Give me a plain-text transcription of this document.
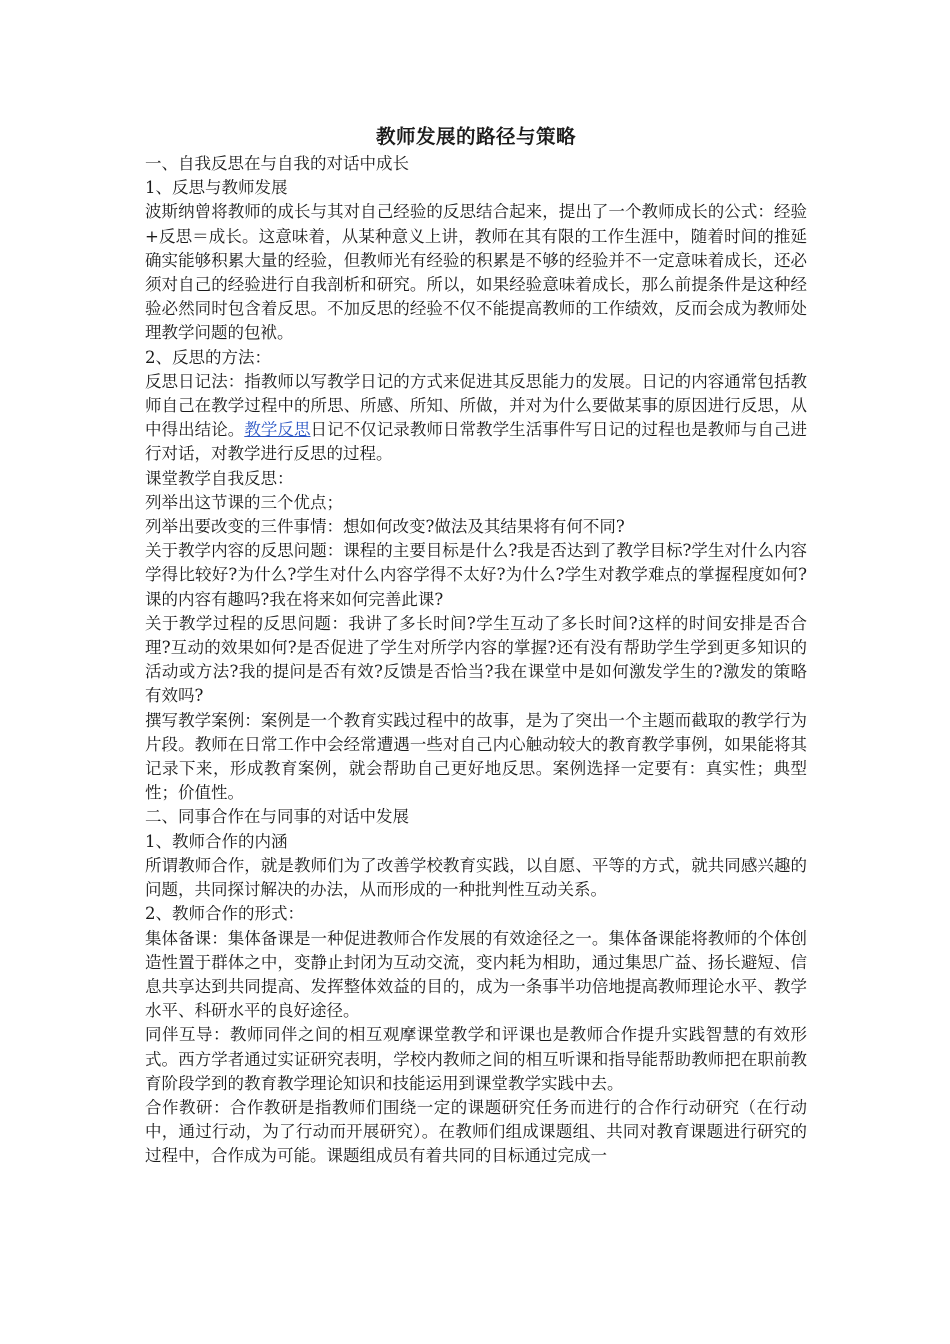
教师发展的路径与策略

一、自我反思在与自我的对话中成长

1、反思与教师发展

波斯纳曾将教师的成长与其对自己经验的反思结合起来，提出了一个教师成长的公式：经验+反思＝成长。这意味着，从某种意义上讲，教师在其有限的工作生涯中，随着时间的推延确实能够积累大量的经验，但教师光有经验的积累是不够的经验并不一定意味着成长，还必须对自己的经验进行自我剖析和研究。所以，如果经验意味着成长，那么前提条件是这种经验必然同时包含着反思。不加反思的经验不仅不能提高教师的工作绩效，反而会成为教师处理教学问题的包袱。

2、反思的方法：

反思日记法：指教师以写教学日记的方式来促进其反思能力的发展。日记的内容通常包括教师自己在教学过程中的所思、所感、所知、所做，并对为什么要做某事的原因进行反思，从中得出结论。教学反思日记不仅记录教师日常教学生活事件写日记的过程也是教师与自己进行对话，对教学进行反思的过程。

课堂教学自我反思：

列举出这节课的三个优点；

列举出要改变的三件事情：想如何改变?做法及其结果将有何不同?

关于教学内容的反思问题：课程的主要目标是什么?我是否达到了教学目标?学生对什么内容学得比较好?为什么?学生对什么内容学得不太好?为什么?学生对教学难点的掌握程度如何?课的内容有趣吗?我在将来如何完善此课?

关于教学过程的反思问题：我讲了多长时间?学生互动了多长时间?这样的时间安排是否合理?互动的效果如何?是否促进了学生对所学内容的掌握?还有没有帮助学生学到更多知识的活动或方法?我的提问是否有效?反馈是否恰当?我在课堂中是如何激发学生的?激发的策略有效吗?

撰写教学案例：案例是一个教育实践过程中的故事，是为了突出一个主题而截取的教学行为片段。教师在日常工作中会经常遭遇一些对自己内心触动较大的教育教学事例，如果能将其记录下来，形成教育案例，就会帮助自己更好地反思。案例选择一定要有：真实性；典型性；价值性。

二、同事合作在与同事的对话中发展

1、教师合作的内涵

所谓教师合作，就是教师们为了改善学校教育实践，以自愿、平等的方式，就共同感兴趣的问题，共同探讨解决的办法，从而形成的一种批判性互动关系。

2、教师合作的形式：

集体备课：集体备课是一种促进教师合作发展的有效途径之一。集体备课能将教师的个体创造性置于群体之中，变静止封闭为互动交流，变内耗为相助，通过集思广益、扬长避短、信息共享达到共同提高、发挥整体效益的目的，成为一条事半功倍地提高教师理论水平、教学水平、科研水平的良好途径。

同伴互导：教师同伴之间的相互观摩课堂教学和评课也是教师合作提升实践智慧的有效形式。西方学者通过实证研究表明，学校内教师之间的相互听课和指导能帮助教师把在职前教育阶段学到的教育教学理论知识和技能运用到课堂教学实践中去。

合作教研：合作教研是指教师们围绕一定的课题研究任务而进行的合作行动研究（在行动中，通过行动，为了行动而开展研究）。在教师们组成课题组、共同对教育课题进行研究的过程中，合作成为可能。课题组成员有着共同的目标通过完成一
